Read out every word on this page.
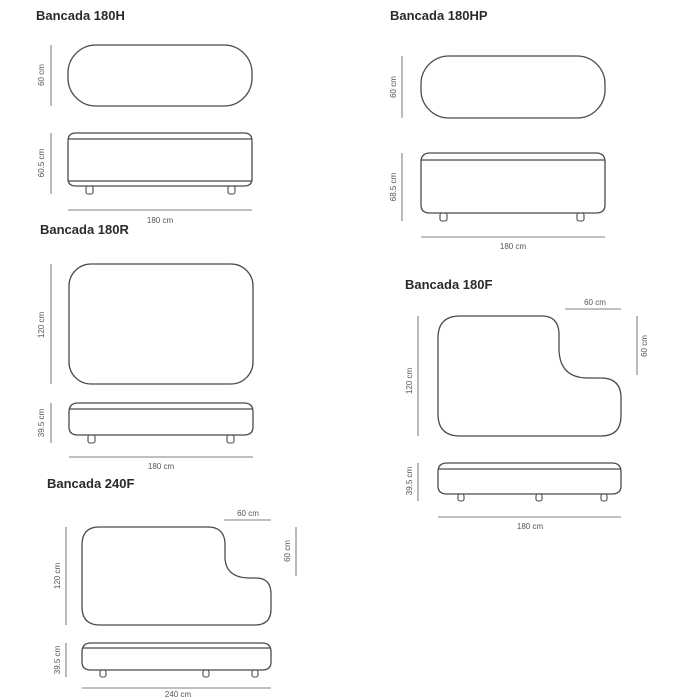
Bancada 180H	Bancada 180HP
Bancada 180R
Bancada 180F
Bancada 240F
60 cm
60.5 cm
180 cm
60 cm
68.5 cm
180 cm
120 cm
39.5 cm
180 cm
60 cm
60 cm
120 cm
39.5 cm
180 cm
60 cm
60 cm
120 cm
39.5 cm
240 cm
